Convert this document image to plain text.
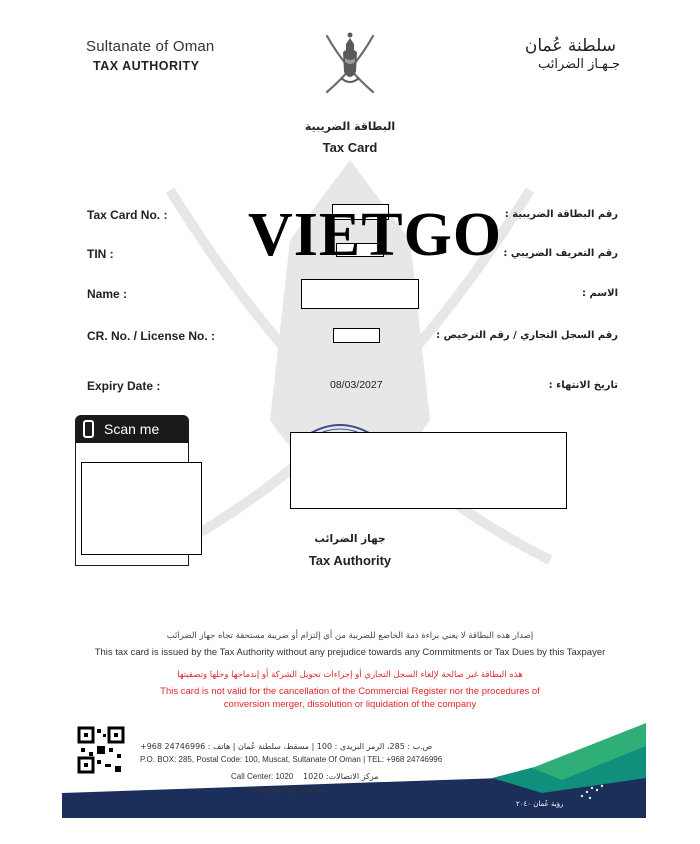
Sultanate of Oman
TAX AUTHORITY
سلطنة عُمان
جـهـاز الضرائب
البطاقة الضريبية
Tax Card
Tax Card No. :	رقم البطاقة الضريبية :
TIN :	رقم التعريف الضريبي :
Name :	الاسم :
CR. No. / License No. :	رقم السجل التجاري / رقم الترخيص :
Expiry Date :	08/03/2027	تاريخ الانتهاء :
VIETGO
Scan me
جهاز الضرائب
Tax Authority
إصدار هذه البطاقة لا يعني براءة ذمة الخاضع للضريبة من أي إلتزام أو ضريبة مستحقة تجاه جهاز الضرائب
This tax card is issued by the Tax Authority without any prejudice towards any Commitments or Tax Dues by this Taxpayer
هذه البطاقة غير صالحة لإلغاء السجل التجاري أو إجراءات تحويل الشركة أو إندماجها وحلها وتصفيتها
This card is not valid for the cancellation of the Commercial Register nor the procedures of
conversion merger, dissolution or liquidation of the company
ص.ب : 285، الرمز البريدي : 100 | مسقط، سلطنة عُمان | هاتف : 24746996 968+
P.O. BOX: 285, Postal Code: 100, Muscat, Sultanate Of Oman | TEL: +968 24746996
Call Center: 1020 مركز الاتصالات: 1020
www.taxoman.gov.om
رؤية عُمان ٢٠٤٠
